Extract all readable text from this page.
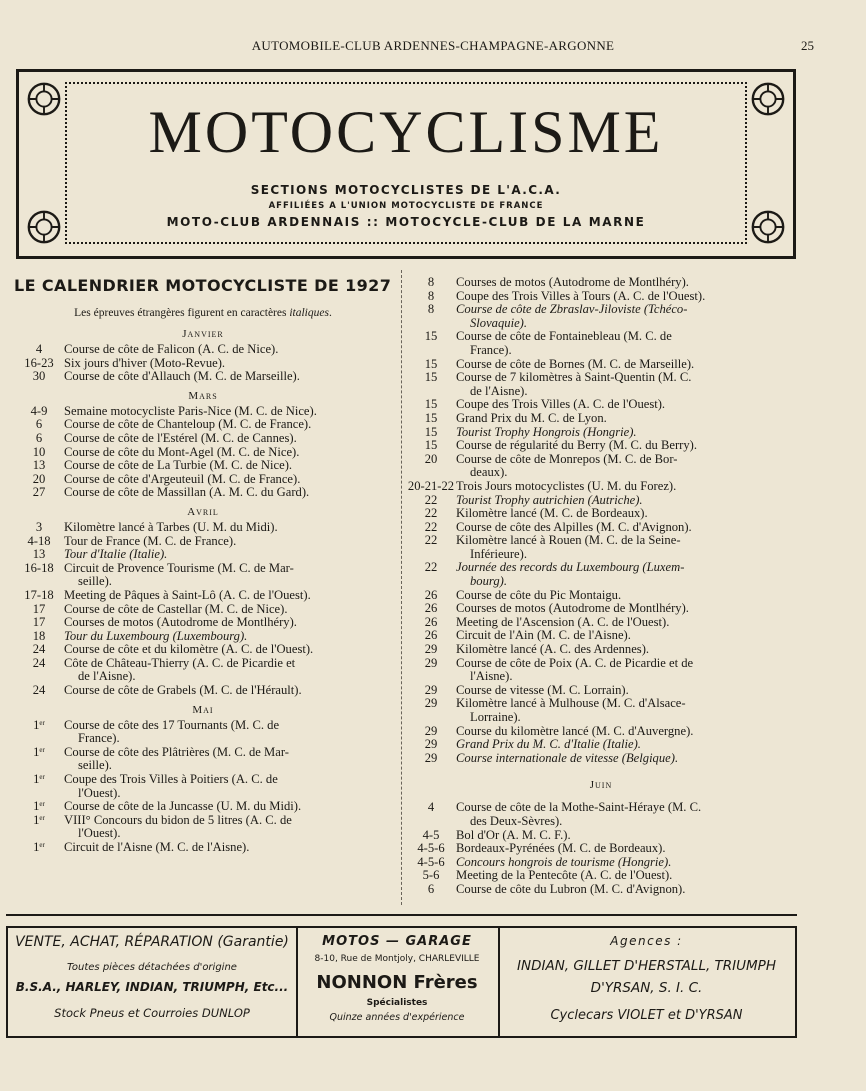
AUTOMOBILE-CLUB ARDENNES-CHAMPAGNE-ARGONNE	25
MOTOCYCLISME
SECTIONS MOTOCYCLISTES DE L'A.C.A.
AFFILIÉES A L'UNION MOTOCYCLISTE DE FRANCE
MOTO-CLUB ARDENNAIS :: MOTOCYCLE-CLUB DE LA MARNE
LE CALENDRIER MOTOCYCLISTE DE 1927
Les épreuves étrangères figurent en caractères italiques.
Janvier
4	Course de côte de Falicon (A. C. de Nice).
16-23 Six jours d'hiver (Moto-Revue).
30	Course de côte d'Allauch (M. C. de Marseille).
Mars
4-9	Semaine motocycliste Paris-Nice (M. C. de Nice).
6	Course de côte de Chanteloup (M. C. de France).
6	Course de côte de l'Estérel (M. C. de Cannes).
10	Course de côte du Mont-Agel (M. C. de Nice).
13	Course de côte de La Turbie (M. C. de Nice).
20	Course de côte d'Argeuteuil (M. C. de France).
27	Course de côte de Massillan (A. M. C. du Gard).
Avril
3	Kilomètre lancé à Tarbes (U. M. du Midi).
4-18	Tour de France (M. C. de France).
13	Tour d'Italie (Italie).
16-18 Circuit de Provence Tourisme (M. C. de Mar-
seille).
17-18 Meeting de Pâques à Saint-Lô (A. C. de l'Ouest).
17	Course de côte de Castellar (M. C. de Nice).
17	Courses de motos (Autodrome de Montlhéry).
18	Tour du Luxembourg (Luxembourg).
24	Course de côte et du kilomètre (A. C. de l'Ouest).
24	Côte de Château-Thierry (A. C. de Picardie et
de l'Aisne).
24	Course de côte de Grabels (M. C. de l'Hérault).
Mai
1er	Course de côte des 17 Tournants (M. C. de
France).
1er	Course de côte des Plâtrières (M. C. de Mar-
seille).
1er	Coupe des Trois Villes à Poitiers (A. C. de
l'Ouest).
1er	Course de côte de la Juncasse (U. M. du Midi).
1er	VIII° Concours du bidon de 5 litres (A. C. de
l'Ouest).
1er	Circuit de l'Aisne (M. C. de l'Aisne).
8	Courses de motos (Autodrome de Montlhéry).
8	Coupe des Trois Villes à Tours (A. C. de l'Ouest).
8	Course de côte de Zbraslav-Jiloviste (Tchéco-
Slovaquie).
15	Course de côte de Fontainebleau (M. C. de
France).
15	Course de côte de Bornes (M. C. de Marseille).
15	Course de 7 kilomètres à Saint-Quentin (M. C.
de l'Aisne).
15	Coupe des Trois Villes (A. C. de l'Ouest).
15	Grand Prix du M. C. de Lyon.
15	Tourist Trophy Hongrois (Hongrie).
15	Course de régularité du Berry (M. C. du Berry).
20	Course de côte de Monrepos (M. C. de Bor-
deaux).
20-21-22 Trois Jours motocyclistes (U. M. du Forez).
22	Tourist Trophy autrichien (Autriche).
22	Kilomètre lancé (M. C. de Bordeaux).
22	Course de côte des Alpilles (M. C. d'Avignon).
22	Kilomètre lancé à Rouen (M. C. de la Seine-
Inférieure).
22	Journée des records du Luxembourg (Luxem-
bourg).
26	Course de côte du Pic Montaigu.
26	Courses de motos (Autodrome de Montlhéry).
26	Meeting de l'Ascension (A. C. de l'Ouest).
26	Circuit de l'Ain (M. C. de l'Aisne).
29	Kilomètre lancé (A. C. des Ardennes).
29	Course de côte de Poix (A. C. de Picardie et de
l'Aisne).
29	Course de vitesse (M. C. Lorrain).
29	Kilomètre lancé à Mulhouse (M. C. d'Alsace-
Lorraine).
29	Course du kilomètre lancé (M. C. d'Auvergne).
29	Grand Prix du M. C. d'Italie (Italie).
29	Course internationale de vitesse (Belgique).
Juin
4	Course de côte de la Mothe-Saint-Héraye (M. C.
des Deux-Sèvres).
4-5	Bol d'Or (A. M. C. F.).
4-5-6 Bordeaux-Pyrénées (M. C. de Bordeaux).
4-5-6 Concours hongrois de tourisme (Hongrie).
5-6	Meeting de la Pentecôte (A. C. de l'Ouest).
6	Course de côte du Lubron (M. C. d'Avignon).
VENTE, ACHAT, RÉPARATION (Garantie)
Toutes pièces détachées d'origine
B.S.A., HARLEY, INDIAN, TRIUMPH, Etc...
Stock Pneus et Courroies DUNLOP
MOTOS — GARAGE
8-10, Rue de Montjoly, CHARLEVILLE
NONNON Frères
Spécialistes
Quinze années d'expérience
Agences :
INDIAN, GILLET D'HERSTALL, TRIUMPH
D'YRSAN, S. I. C.
Cyclecars VIOLET et D'YRSAN
